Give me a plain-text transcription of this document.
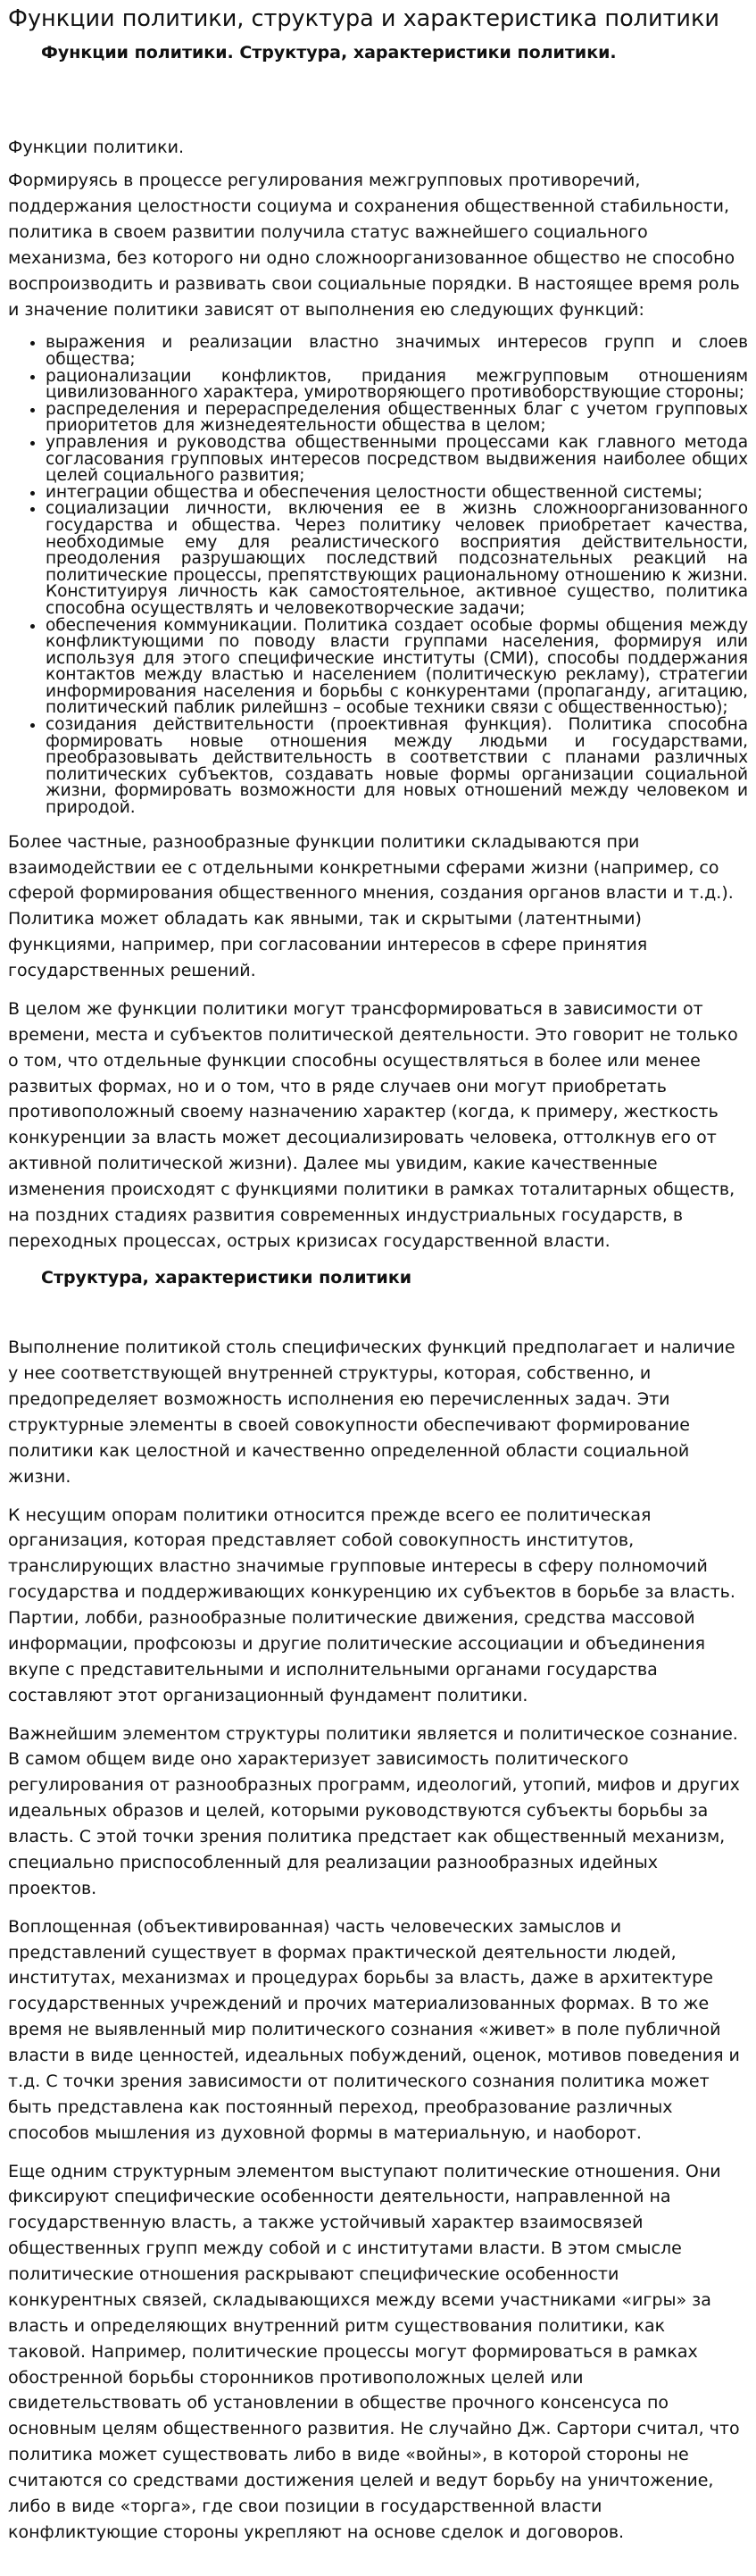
Функции политики, структура и характеристика политики
Функции политики. Структура, характеристики политики.

Функции политики.

Формируясь в процессе регулирования межгрупповых противоречий, поддержания целостности социума и сохранения общественной стабильности, политика в своем развитии получила статус важнейшего социального механизма, без которого ни одно сложноорганизованное общество не способно воспроизводить и развивать свои социальные порядки. В настоящее время роль и значение политики зависят от выполнения ею следующих функций:

• выражения и реализации властно значимых интересов групп и слоев общества;
• рационализации конфликтов, придания межгрупповым отношениям цивилизованного характера, умиротворяющего противоборствующие стороны;
• распределения и перераспределения общественных благ с учетом групповых приоритетов для жизнедеятельности общества в целом;
• управления и руководства общественными процессами как главного метода согласования групповых интересов посредством выдвижения наиболее общих целей социального развития;
• интеграции общества и обеспечения целостности общественной системы;
• социализации личности, включения ее в жизнь сложноорганизованного государства и общества. Через политику человек приобретает качества, необходимые ему для реалистического восприятия действительности, преодоления разрушающих последствий подсознательных реакций на политические процессы, препятствующих рациональному отношению к жизни. Конституируя личность как самостоятельное, активное существо, политика способна осуществлять и человекотворческие задачи;
• обеспечения коммуникации. Политика создает особые формы общения между конфликтующими по поводу власти группами населения, формируя или используя для этого специфические институты (СМИ), способы поддержания контактов между властью и населением (политическую рекламу), стратегии информирования населения и борьбы с конкурентами (пропаганду, агитацию, политический паблик рилейшнз – особые техники связи с общественностью);
• созидания действительности (проективная функция). Политика способна формировать новые отношения между людьми и государствами, преобразовывать действительность в соответствии с планами различных политических субъектов, создавать новые формы организации социальной жизни, формировать возможности для новых отношений между человеком и природой.

Более частные, разнообразные функции политики складываются при взаимодействии ее с отдельными конкретными сферами жизни (например, со сферой формирования общественного мнения, создания органов власти и т.д.). Политика может обладать как явными, так и скрытыми (латентными) функциями, например, при согласовании интересов в сфере принятия государственных решений.

В целом же функции политики могут трансформироваться в зависимости от времени, места и субъектов политической деятельности. Это говорит не только о том, что отдельные функции способны осуществляться в более или менее развитых формах, но и о том, что в ряде случаев они могут приобретать противоположный своему назначению характер (когда, к примеру, жесткость конкуренции за власть может десоциализировать человека, оттолкнув его от активной политической жизни). Далее мы увидим, какие качественные изменения происходят с функциями политики в рамках тоталитарных обществ, на поздних стадиях развития современных индустриальных государств, в переходных процессах, острых кризисах государственной власти.

Структура, характеристики политики

Выполнение политикой столь специфических функций предполагает и наличие у нее соответствующей внутренней структуры, которая, собственно, и предопределяет возможность исполнения ею перечисленных задач. Эти структурные элементы в своей совокупности обеспечивают формирование политики как целостной и качественно определенной области социальной жизни.

К несущим опорам политики относится прежде всего ее политическая организация, которая представляет собой совокупность институтов, транслирующих властно значимые групповые интересы в сферу полномочий государства и поддерживающих конкуренцию их субъектов в борьбе за власть. Партии, лобби, разнообразные политические движения, средства массовой информации, профсоюзы и другие политические ассоциации и объединения вкупе с представительными и исполнительными органами государства составляют этот организационный фундамент политики.

Важнейшим элементом структуры политики является и политическое сознание. В самом общем виде оно характеризует зависимость политического регулирования от разнообразных программ, идеологий, утопий, мифов и других идеальных образов и целей, которыми руководствуются субъекты борьбы за власть. С этой точки зрения политика предстает как общественный механизм, специально приспособленный для реализации разнообразных идейных проектов.

Воплощенная (объективированная) часть человеческих замыслов и представлений существует в формах практической деятельности людей, институтах, механизмах и процедурах борьбы за власть, даже в архитектуре государственных учреждений и прочих материализованных формах. В то же время не выявленный мир политического сознания «живет» в поле публичной власти в виде ценностей, идеальных побуждений, оценок, мотивов поведения и т.д. С точки зрения зависимости от политического сознания политика может быть представлена как постоянный переход, преобразование различных способов мышления из духовной формы в материальную, и наоборот.

Еще одним структурным элементом выступают политические отношения. Они фиксируют специфические особенности деятельности, направленной на государственную власть, а также устойчивый характер взаимосвязей общественных групп между собой и с институтами власти. В этом смысле политические отношения раскрывают специфические особенности конкурентных связей, складывающихся между всеми участниками «игры» за власть и определяющих внутренний ритм существования политики, как таковой. Например, политические процессы могут формироваться в рамках обостренной борьбы сторонников противоположных целей или свидетельствовать об установлении в обществе прочного консенсуса по основным целям общественного развития. Не случайно Дж. Сартори считал, что политика может существовать либо в виде «войны», в которой стороны не считаются со средствами достижения целей и ведут борьбу на уничтожение, либо в виде «торга», где свои позиции в государственной власти конфликтующие стороны укрепляют на основе сделок и договоров.
